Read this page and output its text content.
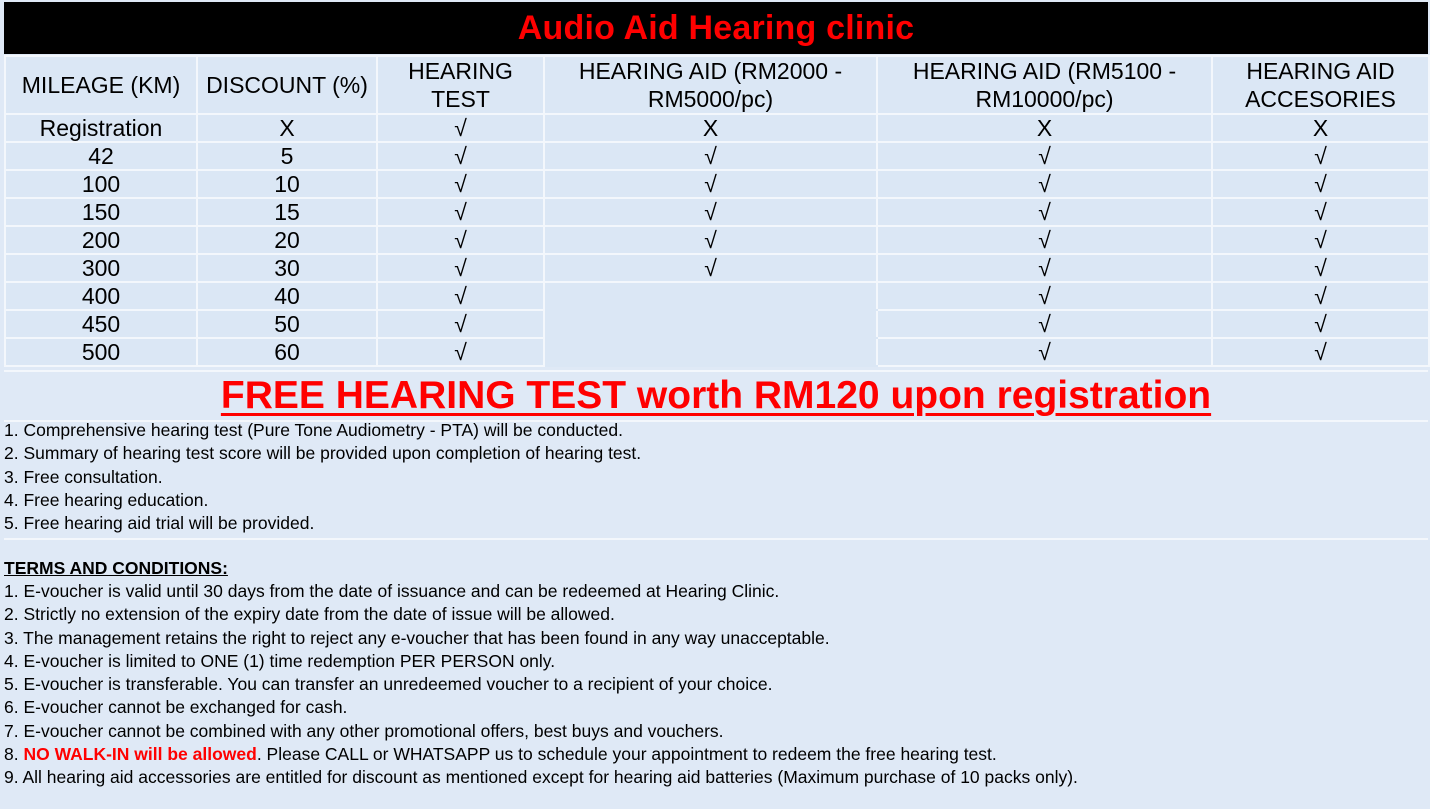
Audio Aid Hearing clinic
MILEAGE (KM)	DISCOUNT (%)	HEARING TEST	HEARING AID (RM2000 - RM5000/pc)	HEARING AID (RM5100 - RM10000/pc)	HEARING AID ACCESORIES
Registration	X	√	X	X	X
42	5	√	√	√	√
100	10	√	√	√	√
150	15	√	√	√	√
200	20	√	√	√	√
300	30	√	√	√	√
400	40	√		√	√
450	50	√		√	√
500	60	√		√	√
FREE HEARING TEST worth RM120 upon registration
1. Comprehensive hearing test (Pure Tone Audiometry - PTA) will be conducted.
2. Summary of hearing test score will be provided upon completion of hearing test.
3. Free consultation.
4. Free hearing education.
5. Free hearing aid trial will be provided.
TERMS AND CONDITIONS:
1. E-voucher is valid until 30 days from the date of issuance and can be redeemed at Hearing Clinic.
2. Strictly no extension of the expiry date from the date of issue will be allowed.
3. The management retains the right to reject any e-voucher that has been found in any way unacceptable.
4. E-voucher is limited to ONE (1) time redemption PER PERSON only.
5. E-voucher is transferable. You can transfer an unredeemed voucher to a recipient of your choice.
6. E-voucher cannot be exchanged for cash.
7. E-voucher cannot be combined with any other promotional offers, best buys and vouchers.
8. NO WALK-IN will be allowed. Please CALL or WHATSAPP us to schedule your appointment to redeem the free hearing test.
9. All hearing aid accessories are entitled for discount as mentioned except for hearing aid batteries (Maximum purchase of 10 packs only).
